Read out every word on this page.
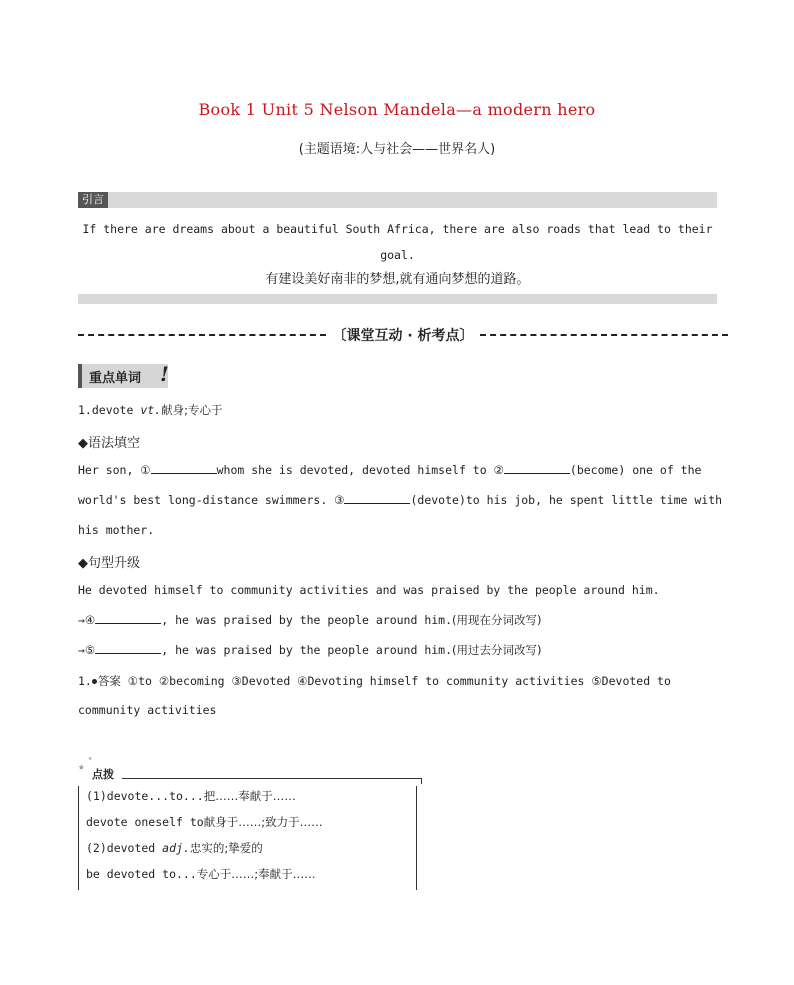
Book 1 Unit 5 Nelson Mandela—a modern hero
(主题语境:人与社会——世界名人)
引言
If there are dreams about a beautiful South Africa, there are also roads that lead to their
goal.
有建设美好南非的梦想,就有通向梦想的道路。
〔课堂互动 · 析考点〕
重点单词 !
1.devote vt.献身;专心于
◆语法填空
Her son, ①	whom she is devoted, devoted himself to ②	(become) one of the
world's best long-distance swimmers. ③	(devote)to his job, he spent little time with
his mother.
◆句型升级
He devoted himself to community activities and was praised by the people around him.
→④	, he was praised by the people around him.(用现在分词改写)
→⑤	, he was praised by the people around him.(用过去分词改写)
1. 答案 ①to ②becoming ③Devoted ④Devoting himself to community activities ⑤Devoted to
community activities
★
★
点拨
(1)devote...to...把……奉献于……
devote oneself to献身于……;致力于……
(2)devoted adj.忠实的;挚爱的
be devoted to...专心于……;奉献于……
